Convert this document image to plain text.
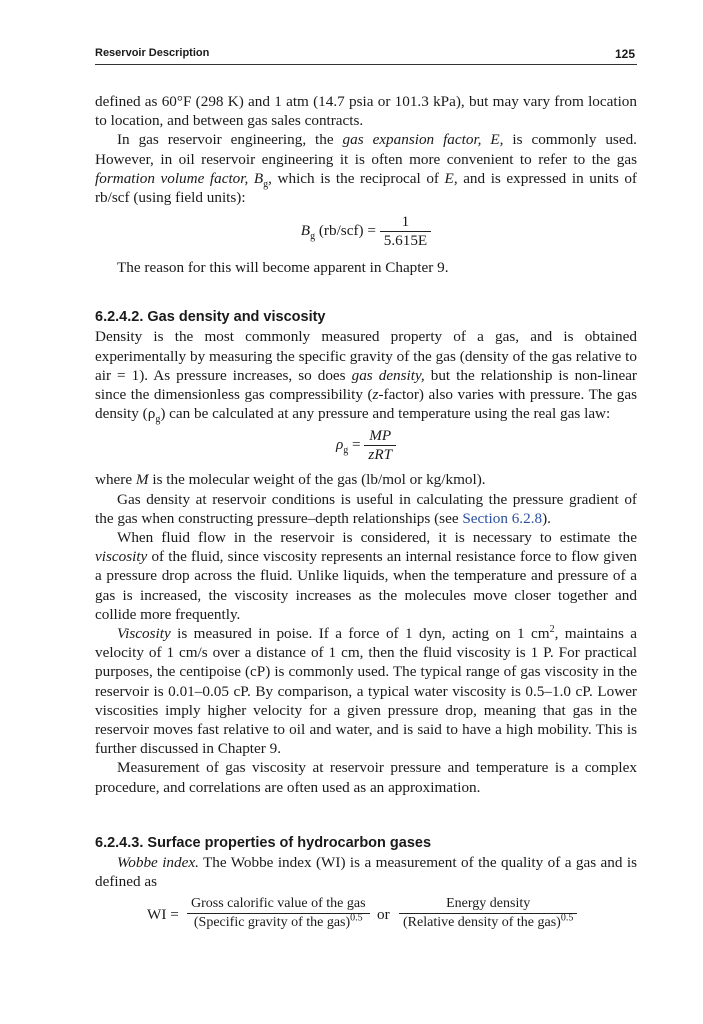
Reservoir Description	125

defined as 60°F (298 K) and 1 atm (14.7 psia or 101.3 kPa), but may vary from location to location, and between gas sales contracts.

In gas reservoir engineering, the gas expansion factor, E, is commonly used. However, in oil reservoir engineering it is often more convenient to refer to the gas formation volume factor, $B_g$, which is the reciprocal of E, and is expressed in units of rb/scf (using field units):

$B_g$ $(rb/scf) = \frac{1}{5.615E}$

The reason for this will become apparent in Chapter 9.

6.2.4.2. Gas density and viscosity

Density is the most commonly measured property of a gas, and is obtained experimentally by measuring the specific gravity of the gas (density of the gas relative to air = 1). As pressure increases, so does gas density, but the relationship is non-linear since the dimensionless gas compressibility (z-factor) also varies with pressure. The gas density $(\rho_g)$ can be calculated at any pressure and temperature using the real gas law:

$\rho_g = \frac{MP}{\text{zRT}}$

where M is the molecular weight of the gas (lb/mol or kg/kmol).

Gas density at reservoir conditions is useful in calculating the pressure gradient of the gas when constructing pressure–depth relationships (see Section 6.2.8).

When fluid flow in the reservoir is considered, it is necessary to estimate the viscosity of the fluid, since viscosity represents an internal resistance force to flow given a pressure drop across the fluid. Unlike liquids, when the temperature and pressure of a gas is increased, the viscosity increases as the molecules move closer together and collide more frequently.

Viscosity is measured in poise. If a force of 1 dyn, acting on 1 $cm^2$, maintains a velocity of 1 cm/s over a distance of 1 cm, then the fluid viscosity is 1 P. For practical purposes, the centipoise (cP) is commonly used. The typical range of gas viscosity in the reservoir is 0.01–0.05 cP. By comparison, a typical water viscosity is 0.5–1.0 cP. Lower viscosities imply higher velocity for a given pressure drop, meaning that gas in the reservoir moves fast relative to oil and water, and is said to have a high mobility. This is further discussed in Chapter 9.

Measurement of gas viscosity at reservoir pressure and temperature is a complex procedure, and correlations are often used as an approximation.

6.2.4.3. Surface properties of hydrocarbon gases

Wobbe index. The Wobbe index (WI) is a measurement of the quality of a gas and is defined as

WI =
Gross calorific value of the gas
(Specific gravity of the gas)$^{0.5}$ or
Energy density
(Relative density of the gas)$^{0.5}$
